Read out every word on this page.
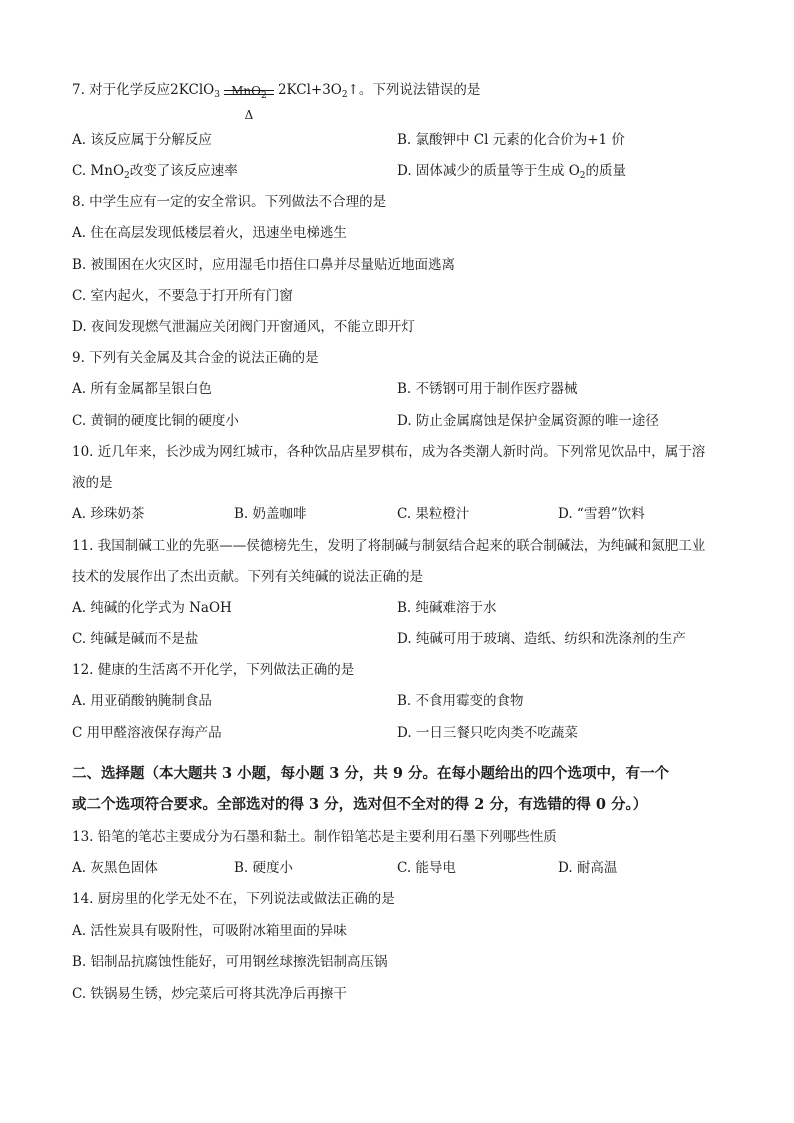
7. 对于化学反应2KClO$_3$ MnO$_2$
Δ
$2KCl+3O_2↑$。下列说法错误的是
A. 该反应属于分解反应	B. 氯酸钾中 Cl 元素的化合价为+1 价
C. MnO$_2$改变了该反应速率	D. 固体减少的质量等于生成 $O_2$的质量
8. 中学生应有一定的安全常识。下列做法不合理的是
A. 住在高层发现低楼层着火，迅速坐电梯逃生
B. 被围困在火灾区时，应用湿毛巾捂住口鼻并尽量贴近地面逃离
C. 室内起火，不要急于打开所有门窗
D. 夜间发现燃气泄漏应关闭阀门开窗通风，不能立即开灯
9. 下列有关金属及其合金的说法正确的是
A. 所有金属都呈银白色	B. 不锈钢可用于制作医疗器械
C. 黄铜的硬度比铜的硬度小	D. 防止金属腐蚀是保护金属资源的唯一途径
10. 近几年来，长沙成为网红城市，各种饮品店星罗棋布，成为各类潮人新时尚。下列常见饮品中，属于溶
液的是
A. 珍珠奶茶	B. 奶盖咖啡	C. 果粒橙汁	D. “雪碧”饮料
11. 我国制碱工业的先驱——侯德榜先生，发明了将制碱与制氨结合起来的联合制碱法，为纯碱和氮肥工业
技术的发展作出了杰出贡献。下列有关纯碱的说法正确的是
A. 纯碱的化学式为 NaOH	B. 纯碱难溶于水
C. 纯碱是碱而不是盐	D. 纯碱可用于玻璃、造纸、纺织和洗涤剂的生产
12. 健康的生活离不开化学，下列做法正确的是
A. 用亚硝酸钠腌制食品	B. 不食用霉变的食物
C 用甲醛溶液保存海产品	D. 一日三餐只吃肉类不吃蔬菜
二、选择题（本大题共 3 小题，每小题 3 分，共 9 分。在每小题给出的四个选项中，有一个
或二个选项符合要求。全部选对的得 3 分，选对但不全对的得 2 分，有选错的得 0 分。）
13. 铅笔的笔芯主要成分为石墨和黏土。制作铅笔芯是主要利用石墨下列哪些性质
A. 灰黑色固体	B. 硬度小	C. 能导电	D. 耐高温
14. 厨房里的化学无处不在，下列说法或做法正确的是
A. 活性炭具有吸附性，可吸附冰箱里面的异味
B. 铝制品抗腐蚀性能好，可用钢丝球擦洗铝制高压锅
C. 铁锅易生锈，炒完菜后可将其洗净后再擦干
